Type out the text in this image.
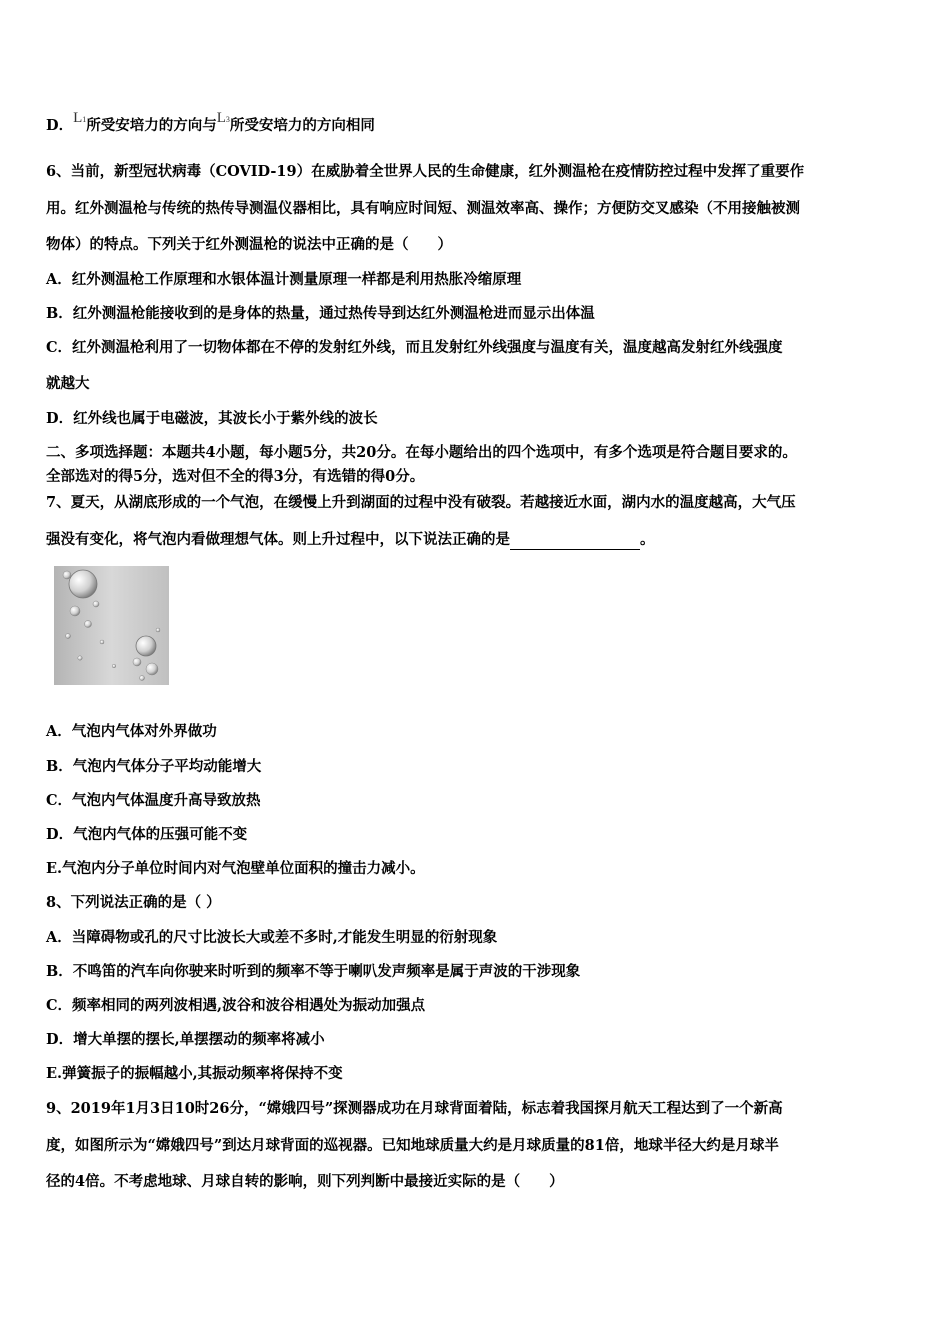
D．L1所受安培力的方向与L3所受安培力的方向相同
6、当前，新型冠状病毒（COVID-19）在威胁着全世界人民的生命健康，红外测温枪在疫情防控过程中发挥了重要作
用。红外测温枪与传统的热传导测温仪器相比，具有响应时间短、测温效率高、操作；方便防交叉感染（不用接触被测
物体）的特点。下列关于红外测温枪的说法中正确的是（　　）
A．红外测温枪工作原理和水银体温计测量原理一样都是利用热胀冷缩原理
B．红外测温枪能接收到的是身体的热量，通过热传导到达红外测温枪进而显示出体温
C．红外测温枪利用了一切物体都在不停的发射红外线，而且发射红外线强度与温度有关，温度越高发射红外线强度
就越大
D．红外线也属于电磁波，其波长小于紫外线的波长
二、多项选择题：本题共4小题，每小题5分，共20分。在每小题给出的四个选项中，有多个选项是符合题目要求的。
全部选对的得5分，选对但不全的得3分，有选错的得0分。
7、夏天，从湖底形成的一个气泡，在缓慢上升到湖面的过程中没有破裂。若越接近水面，湖内水的温度越高，大气压
强没有变化，将气泡内看做理想气体。则上升过程中，以下说法正确的是	。
A．气泡内气体对外界做功
B．气泡内气体分子平均动能增大
C．气泡内气体温度升高导致放热
D．气泡内气体的压强可能不变
E.气泡内分子单位时间内对气泡壁单位面积的撞击力减小。
8、下列说法正确的是（ ）
A．当障碍物或孔的尺寸比波长大或差不多时,才能发生明显的衍射现象
B．不鸣笛的汽车向你驶来时听到的频率不等于喇叭发声频率是属于声波的干涉现象
C．频率相同的两列波相遇,波谷和波谷相遇处为振动加强点
D．增大单摆的摆长,单摆摆动的频率将减小
E.弹簧振子的振幅越小,其振动频率将保持不变
9、2019年1月3日10时26分，“嫦娥四号”探测器成功在月球背面着陆，标志着我国探月航天工程达到了一个新高
度，如图所示为“嫦娥四号”到达月球背面的巡视器。已知地球质量大约是月球质量的81倍，地球半径大约是月球半
径的4倍。不考虑地球、月球自转的影响，则下列判断中最接近实际的是（　　）
